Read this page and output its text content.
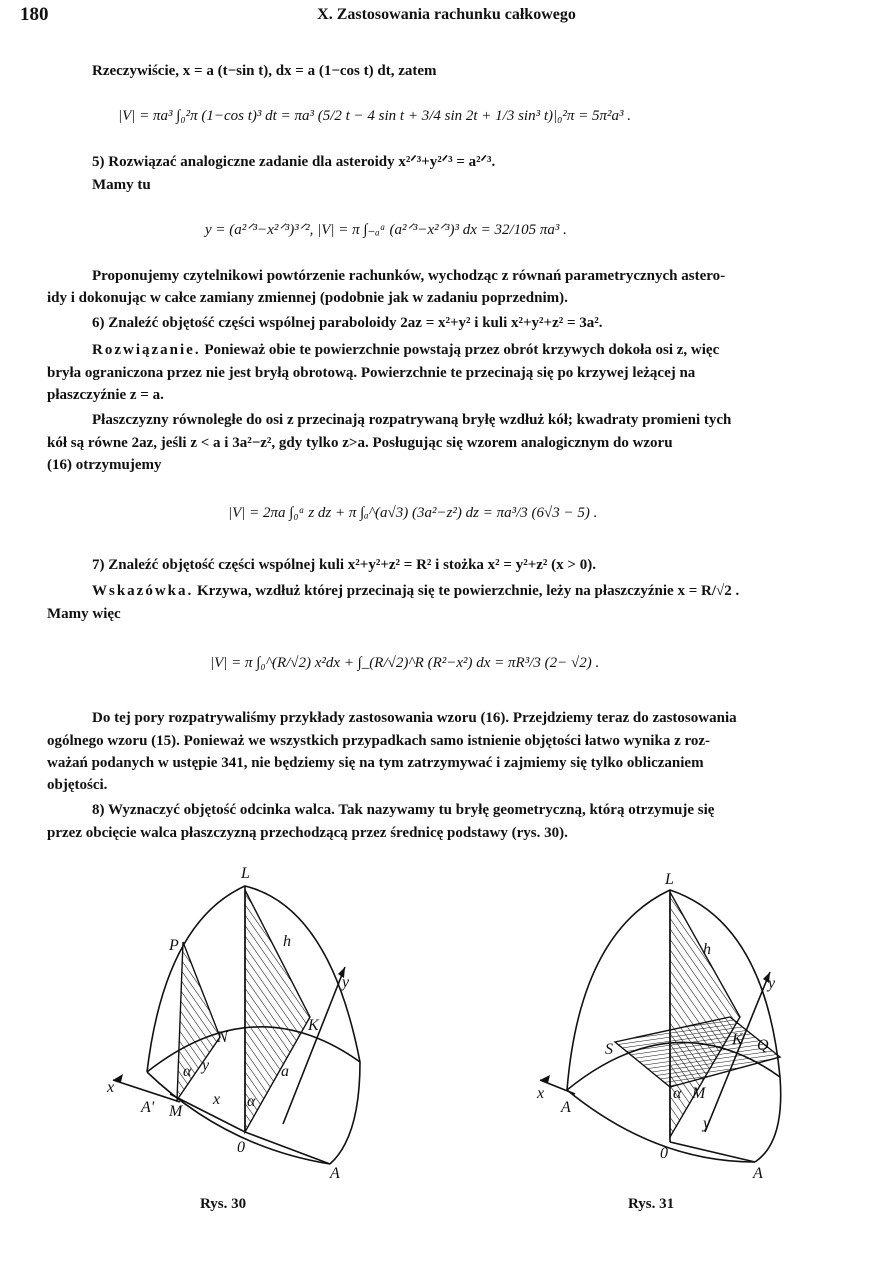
180	X. Zastosowania rachunku całkowego
Rzeczywiście, x = a (t−sin t), dx = a (1−cos t) dt, zatem
|V| = πa³ ∫₀²π (1−cos t)³ dt = πa³ (5/2 t − 4 sin t + 3/4 sin 2t + 1/3 sin³ t)|₀²π = 5π²a³ .
5) Rozwiązać analogiczne zadanie dla asteroidy x²ᐟ³+y²ᐟ³ = a²ᐟ³.
Mamy tu
y = (a²ᐟ³−x²ᐟ³)³ᐟ², |V| = π ∫₋ₐᵃ (a²ᐟ³−x²ᐟ³)³ dx = 32/105 πa³ .
Proponujemy czytelnikowi powtórzenie rachunków, wychodząc z równań parametrycznych astero-
idy i dokonując w całce zamiany zmiennej (podobnie jak w zadaniu poprzednim).
6) Znaleźć objętość części wspólnej paraboloidy 2az = x²+y² i kuli x²+y²+z² = 3a².
Rozwiązanie. Ponieważ obie te powierzchnie powstają przez obrót krzywych dokoła osi z, więc
bryła ograniczona przez nie jest bryłą obrotową. Powierzchnie te przecinają się po krzywej leżącej na
płaszczyźnie z = a.
Płaszczyzny równoległe do osi z przecinają rozpatrywaną bryłę wzdłuż kół; kwadraty promieni tych
kół są równe 2az, jeśli z < a i 3a²−z², gdy tylko z>a. Posługując się wzorem analogicznym do wzoru
(16) otrzymujemy
|V| = 2πa ∫₀ᵃ z dz + π ∫ₐ^(a√3) (3a²−z²) dz = πa³/3 (6√3 − 5) .
7) Znaleźć objętość części wspólnej kuli x²+y²+z² = R² i stożka x² = y²+z² (x > 0).
Wskazówka. Krzywa, wzdłuż której przecinają się te powierzchnie, leży na płaszczyźnie x = R/√2 .
Mamy więc
|V| = π ∫₀^(R/√2) x²dx + ∫_(R/√2)^R (R²−x²) dx = πR³/3 (2− √2) .
Do tej pory rozpatrywaliśmy przykłady zastosowania wzoru (16). Przejdziemy teraz do zastosowania
ogólnego wzoru (15). Ponieważ we wszystkich przypadkach samo istnienie objętości łatwo wynika z roz-
ważań podanych w ustępie 341, nie będziemy się na tym zatrzymywać i zajmiemy się tylko obliczaniem
objętości.
8) Wyznaczyć objętość odcinka walca. Tak nazywamy tu bryłę geometryczną, którą otrzymuje się
przez obcięcie walca płaszczyzną przechodzącą przez średnicę podstawy (rys. 30).
L
P	h
y
N
K
α y	a
x
A' M
x α
0
A
Rys. 30
L
h
y
K
S	Q
x
A
α M
y
0
A
Rys. 31
